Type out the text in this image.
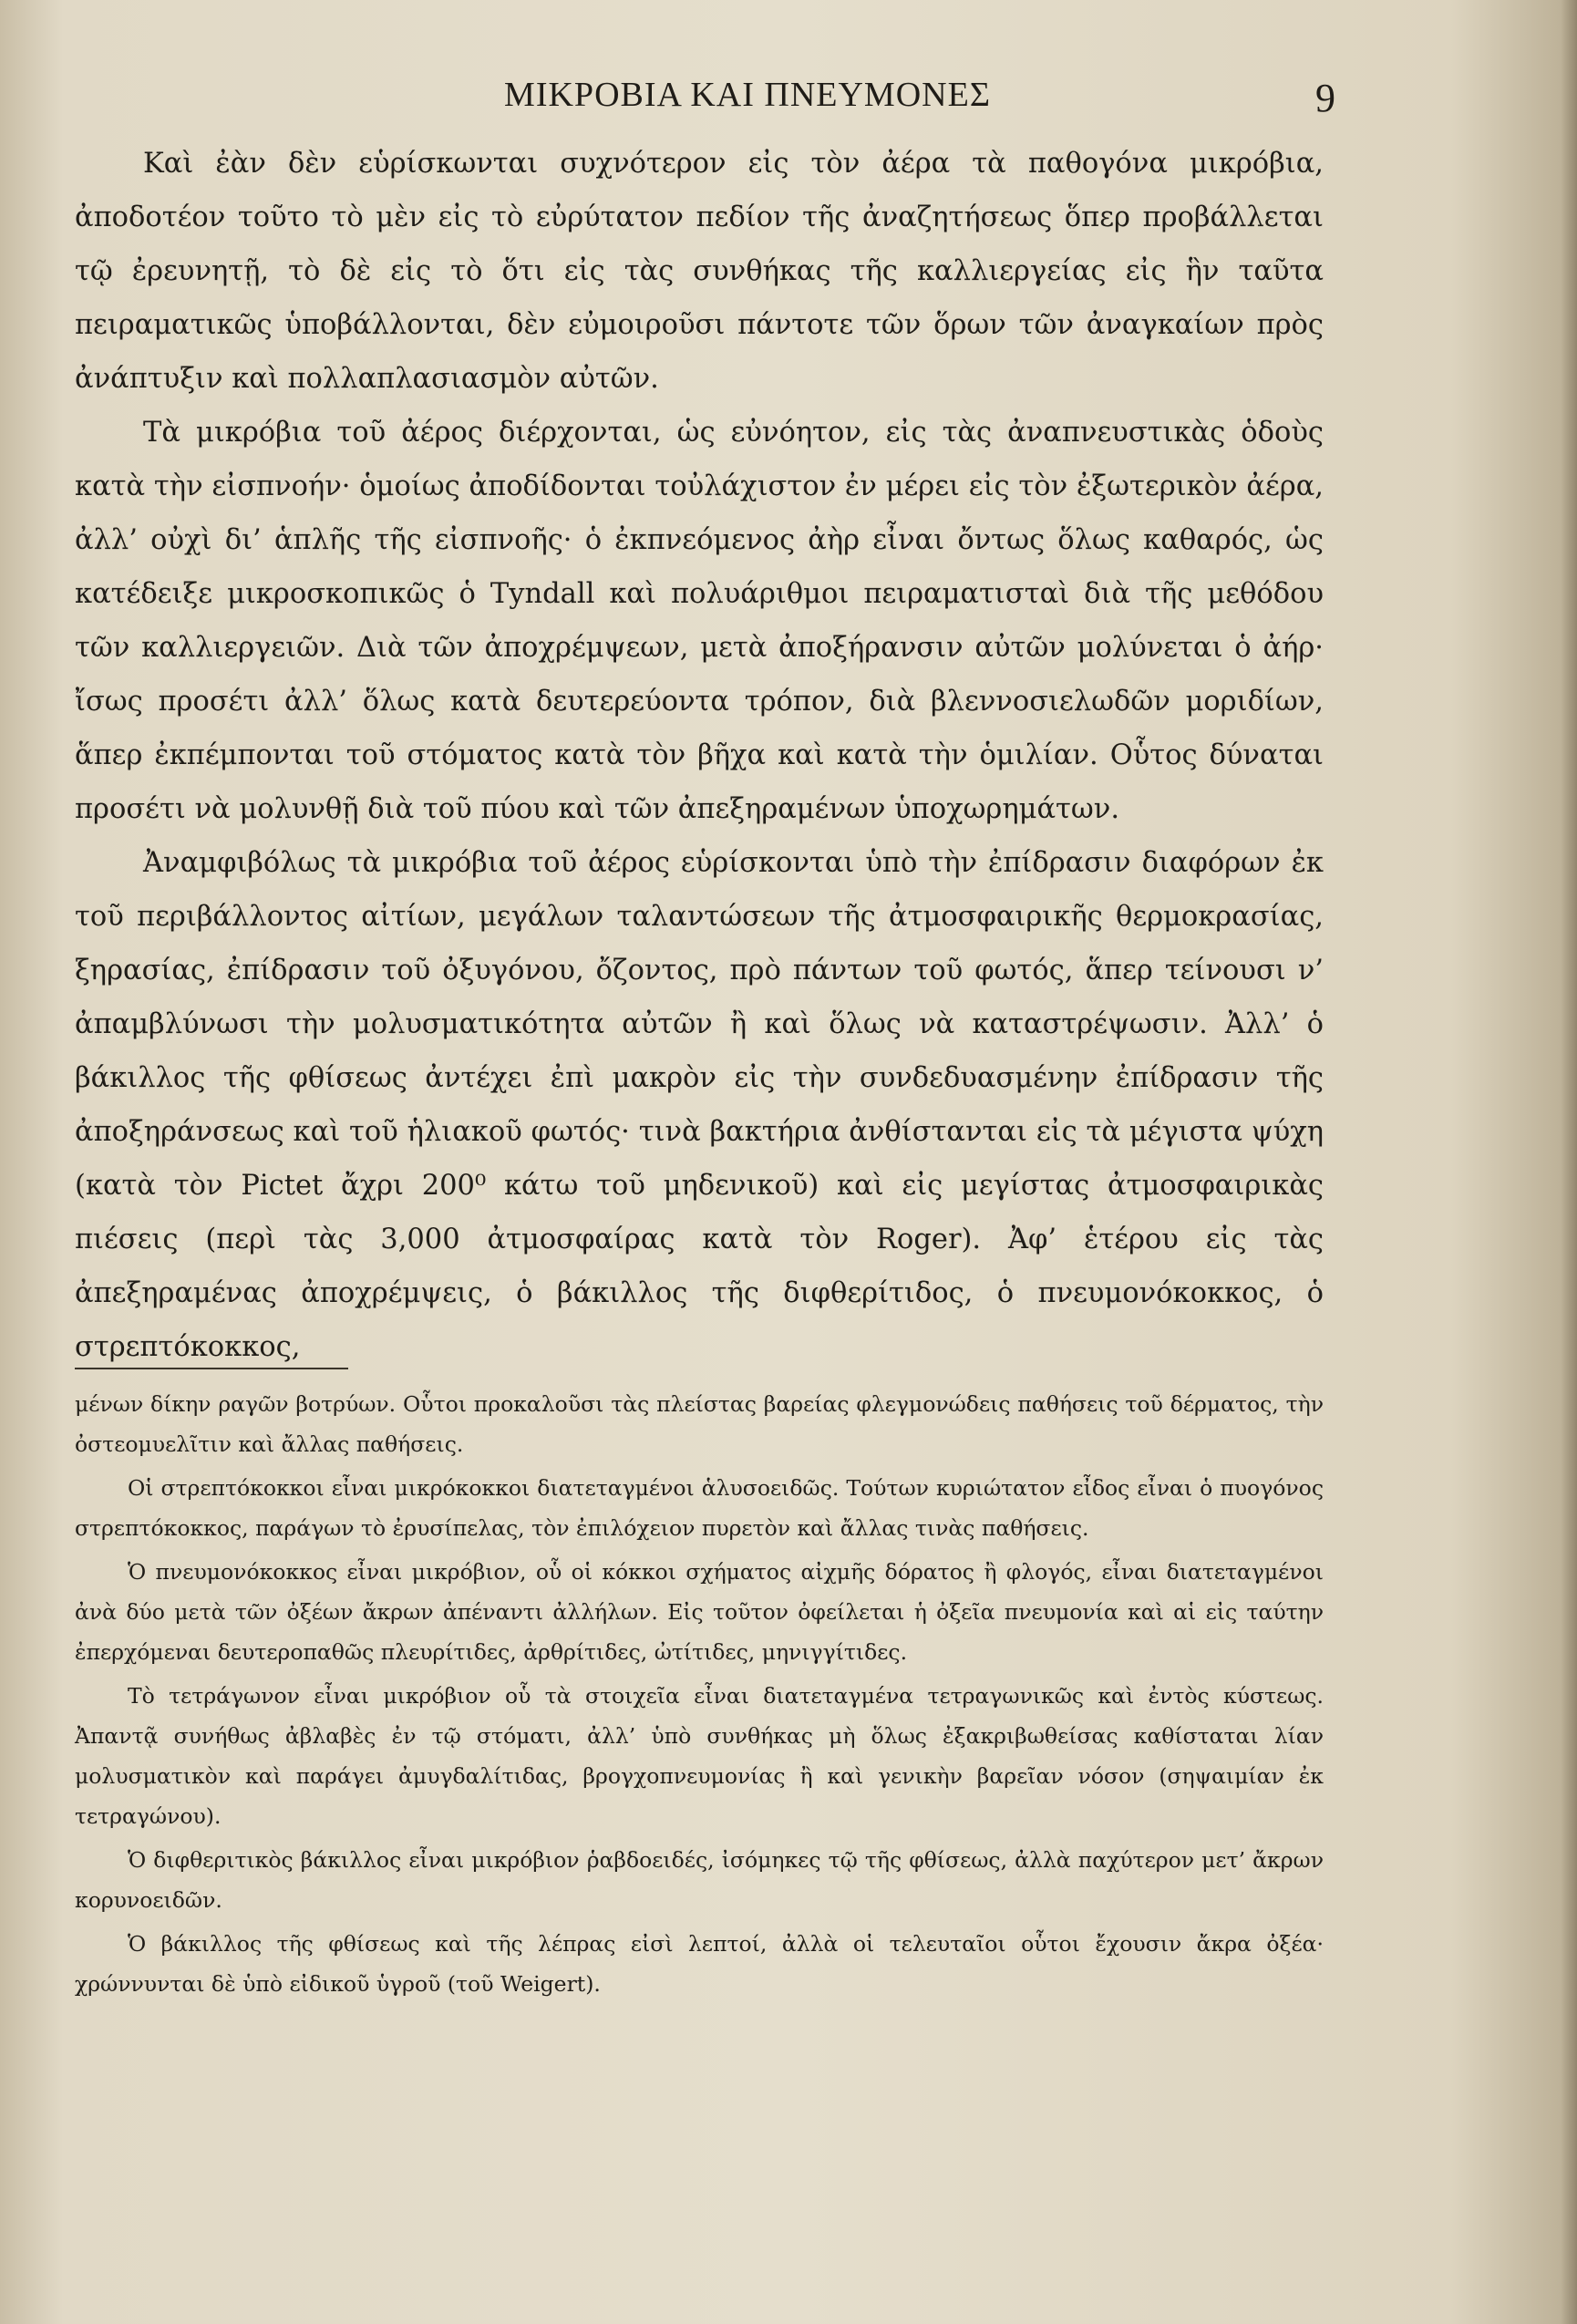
ΜΙΚΡΟΒΙΑ ΚΑΙ ΠΝΕΥΜΟΝΕΣ	9

Καὶ ἐὰν δὲν εὑρίσκωνται συχνότερον εἰς τὸν ἀέρα τὰ παθογόνα μικρόβια, ἀποδοτέον τοῦτο τὸ μὲν εἰς τὸ εὐρύτατον πεδίον τῆς ἀναζητήσεως ὅπερ προβάλλεται τῷ ἐρευνητῇ, τὸ δὲ εἰς τὸ ὅτι εἰς τὰς συνθήκας τῆς καλλιεργείας εἰς ἣν ταῦτα πειραματικῶς ὑποβάλλονται, δὲν εὐμοιροῦσι πάντοτε τῶν ὅρων τῶν ἀναγκαίων πρὸς ἀνάπτυξιν καὶ πολλαπλασιασμὸν αὐτῶν.

Τὰ μικρόβια τοῦ ἀέρος διέρχονται, ὡς εὐνόητον, εἰς τὰς ἀναπνευστικὰς ὁδοὺς κατὰ τὴν εἰσπνοήν· ὁμοίως ἀποδίδονται τοὐλάχιστον ἐν μέρει εἰς τὸν ἐξωτερικὸν ἀέρα, ἀλλ’ οὐχὶ δι’ ἁπλῆς τῆς εἰσπνοῆς· ὁ ἐκπνεόμενος ἀὴρ εἶναι ὄντως ὅλως καθαρός, ὡς κατέδειξε μικροσκοπικῶς ὁ Tyndall καὶ πολυάριθμοι πειραματισταὶ διὰ τῆς μεθόδου τῶν καλλιεργειῶν. Διὰ τῶν ἀποχρέμψεων, μετὰ ἀποξήρανσιν αὐτῶν μολύνεται ὁ ἀήρ· ἴσως προσέτι ἀλλ’ ὅλως κατὰ δευτερεύοντα τρόπον, διὰ βλεννοσιελωδῶν μοριδίων, ἅπερ ἐκπέμπονται τοῦ στόματος κατὰ τὸν βῆχα καὶ κατὰ τὴν ὁμιλίαν. Οὗτος δύναται προσέτι νὰ μολυνθῇ διὰ τοῦ πύου καὶ τῶν ἀπεξηραμένων ὑποχωρημάτων.

Ἀναμφιβόλως τὰ μικρόβια τοῦ ἀέρος εὑρίσκονται ὑπὸ τὴν ἐπίδρασιν διαφόρων ἐκ τοῦ περιβάλλοντος αἰτίων, μεγάλων ταλαντώσεων τῆς ἀτμοσφαιρικῆς θερμοκρασίας, ξηρασίας, ἐπίδρασιν τοῦ ὀξυγόνου, ὄζοντος, πρὸ πάντων τοῦ φωτός, ἅπερ τείνουσι ν’ ἀπαμβλύνωσι τὴν μολυσματικότητα αὐτῶν ἢ καὶ ὅλως νὰ καταστρέψωσιν. Ἀλλ’ ὁ βάκιλλος τῆς φθίσεως ἀντέχει ἐπὶ μακρὸν εἰς τὴν συνδεδυασμένην ἐπίδρασιν τῆς ἀποξηράνσεως καὶ τοῦ ἡλιακοῦ φωτός· τινὰ βακτήρια ἀνθίστανται εἰς τὰ μέγιστα ψύχη (κατὰ τὸν Pictet ἄχρι 200⁰ κάτω τοῦ μηδενικοῦ) καὶ εἰς μεγίστας ἀτμοσφαιρικὰς πιέσεις (περὶ τὰς 3,000 ἀτμοσφαίρας κατὰ τὸν Roger). Ἀφ’ ἑτέρου εἰς τὰς ἀπεξηραμένας ἀποχρέμψεις, ὁ βάκιλλος τῆς διφθερίτιδος, ὁ πνευμονόκοκκος, ὁ στρεπτόκοκκος,

μένων δίκην ραγῶν βοτρύων. Οὗτοι προκαλοῦσι τὰς πλείστας βαρείας φλεγμονώδεις παθήσεις τοῦ δέρματος, τὴν ὀστεομυελῖτιν καὶ ἄλλας παθήσεις.

Οἱ στρεπτόκοκκοι εἶναι μικρόκοκκοι διατεταγμένοι ἁλυσοειδῶς. Τούτων κυριώτατον εἶδος εἶναι ὁ πυογόνος στρεπτόκοκκος, παράγων τὸ ἐρυσίπελας, τὸν ἐπιλόχειον πυρετὸν καὶ ἄλλας τινὰς παθήσεις.

Ὁ πνευμονόκοκκος εἶναι μικρόβιον, οὗ οἱ κόκκοι σχήματος αἰχμῆς δόρατος ἢ φλογός, εἶναι διατεταγμένοι ἀνὰ δύο μετὰ τῶν ὀξέων ἄκρων ἀπέναντι ἀλλήλων. Εἰς τοῦτον ὀφείλεται ἡ ὀξεῖα πνευμονία καὶ αἱ εἰς ταύτην ἐπερχόμεναι δευτεροπαθῶς πλευρίτιδες, ἀρθρίτιδες, ὠτίτιδες, μηνιγγίτιδες.

Τὸ τετράγωνον εἶναι μικρόβιον οὗ τὰ στοιχεῖα εἶναι διατεταγμένα τετραγωνικῶς καὶ ἐντὸς κύστεως. Ἀπαντᾷ συνήθως ἀβλαβὲς ἐν τῷ στόματι, ἀλλ’ ὑπὸ συνθήκας μὴ ὅλως ἐξακριβωθείσας καθίσταται λίαν μολυσματικὸν καὶ παράγει ἀμυγδαλίτιδας, βρογχοπνευμονίας ἢ καὶ γενικὴν βαρεῖαν νόσον (σηψαιμίαν ἐκ τετραγώνου).

Ὁ διφθεριτικὸς βάκιλλος εἶναι μικρόβιον ῥαβδοειδές, ἰσόμηκες τῷ τῆς φθίσεως, ἀλλὰ παχύτερον μετ’ ἄκρων κορυνοειδῶν.

Ὁ βάκιλλος τῆς φθίσεως καὶ τῆς λέπρας εἰσὶ λεπτοί, ἀλλὰ οἱ τελευταῖοι οὗτοι ἔχουσιν ἄκρα ὀξέα· χρώννυνται δὲ ὑπὸ εἰδικοῦ ὑγροῦ (τοῦ Weigert).
